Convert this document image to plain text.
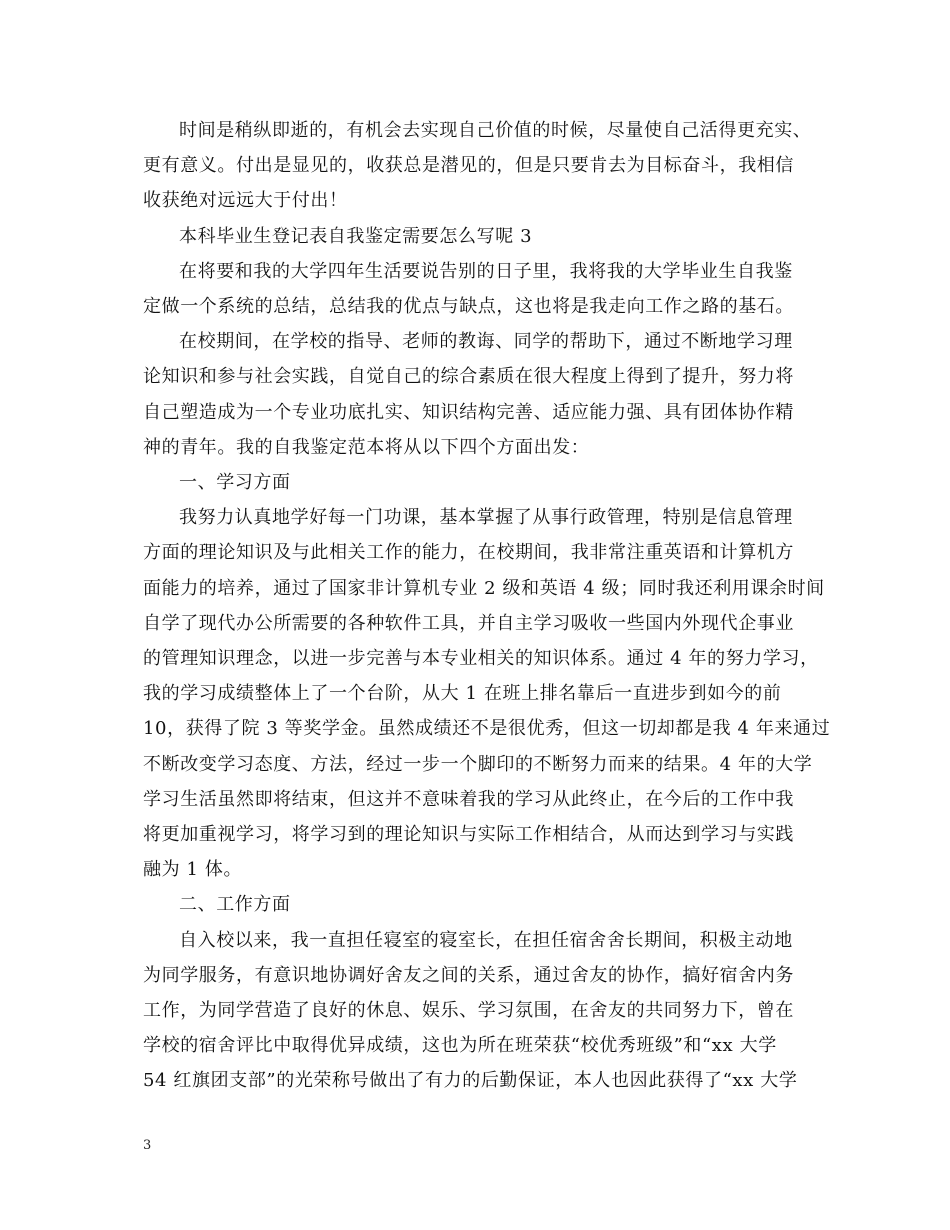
时间是稍纵即逝的，有机会去实现自己价值的时候，尽量使自己活得更充实、
更有意义。付出是显见的，收获总是潜见的，但是只要肯去为目标奋斗，我相信
收获绝对远远大于付出！

本科毕业生登记表自我鉴定需要怎么写呢 3

在将要和我的大学四年生活要说告别的日子里，我将我的大学毕业生自我鉴
定做一个系统的总结，总结我的优点与缺点，这也将是我走向工作之路的基石。
在校期间，在学校的指导、老师的教诲、同学的帮助下，通过不断地学习理
论知识和参与社会实践，自觉自己的综合素质在很大程度上得到了提升，努力将
自己塑造成为一个专业功底扎实、知识结构完善、适应能力强、具有团体协作精
神的青年。我的自我鉴定范本将从以下四个方面出发：

一、学习方面

我努力认真地学好每一门功课，基本掌握了从事行政管理，特别是信息管理
方面的理论知识及与此相关工作的能力，在校期间，我非常注重英语和计算机方
面能力的培养，通过了国家非计算机专业 2 级和英语 4 级；同时我还利用课余时间
自学了现代办公所需要的各种软件工具，并自主学习吸收一些国内外现代企事业
的管理知识理念，以进一步完善与本专业相关的知识体系。通过 4 年的努力学习，
我的学习成绩整体上了一个台阶，从大 1 在班上排名靠后一直进步到如今的前
10，获得了院 3 等奖学金。虽然成绩还不是很优秀，但这一切却都是我 4 年来通过
不断改变学习态度、方法，经过一步一个脚印的不断努力而来的结果。4 年的大学
学习生活虽然即将结束，但这并不意味着我的学习从此终止，在今后的工作中我
将更加重视学习，将学习到的理论知识与实际工作相结合，从而达到学习与实践
融为 1 体。

二、工作方面

自入校以来，我一直担任寝室的寝室长，在担任宿舍舍长期间，积极主动地
为同学服务，有意识地协调好舍友之间的关系，通过舍友的协作，搞好宿舍内务
工作，为同学营造了良好的休息、娱乐、学习氛围，在舍友的共同努力下，曾在
学校的宿舍评比中取得优异成绩，这也为所在班荣获“校优秀班级”和“xx 大学
54 红旗团支部”的光荣称号做出了有力的后勤保证，本人也因此获得了“xx 大学
3
